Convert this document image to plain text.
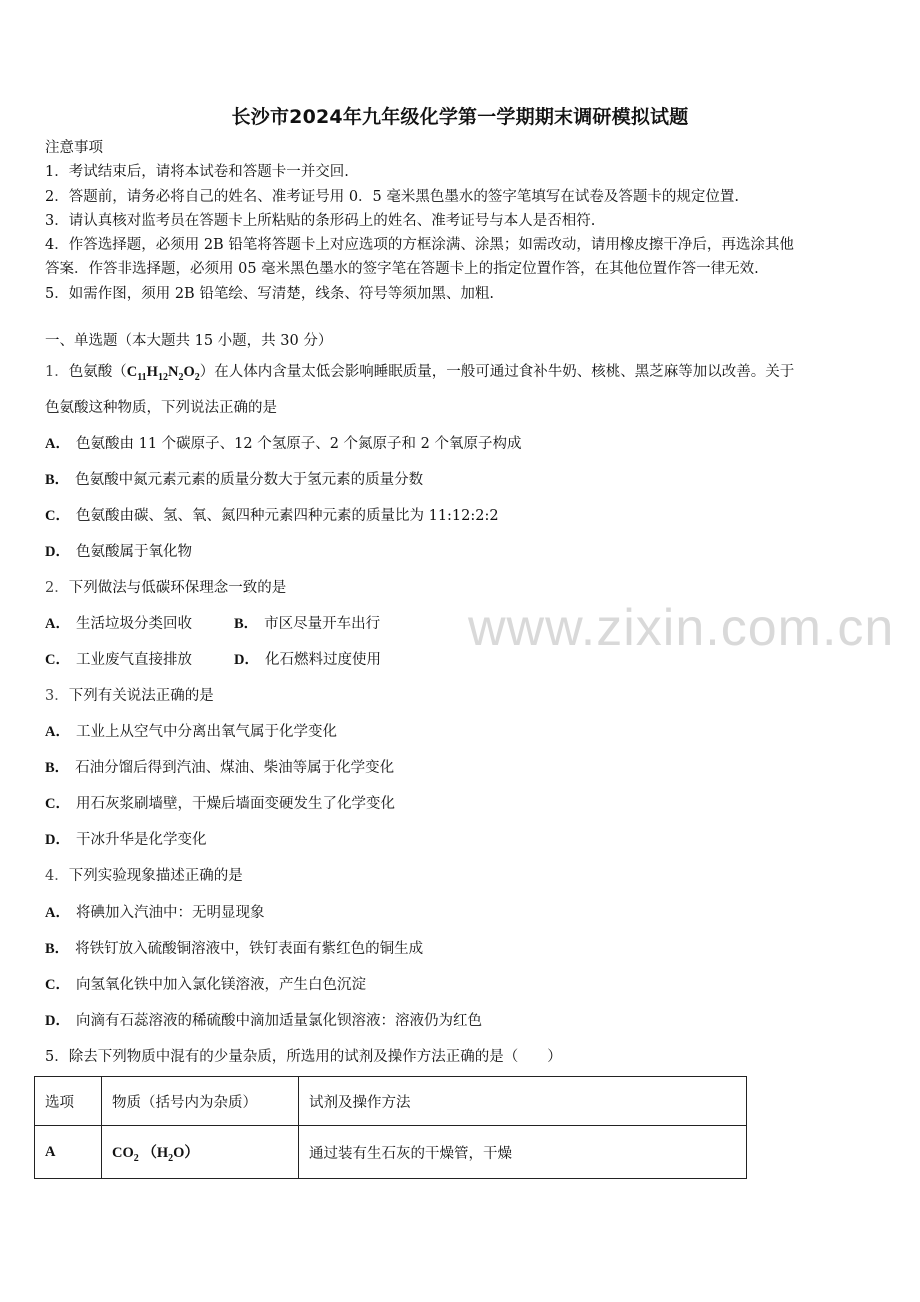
长沙市2024年九年级化学第一学期期末调研模拟试题
注意事项
1．考试结束后，请将本试卷和答题卡一并交回.
2．答题前，请务必将自己的姓名、准考证号用 0．5 毫米黑色墨水的签字笔填写在试卷及答题卡的规定位置.
3．请认真核对监考员在答题卡上所粘贴的条形码上的姓名、准考证号与本人是否相符.
4．作答选择题，必须用 2B 铅笔将答题卡上对应选项的方框涂满、涂黑；如需改动，请用橡皮擦干净后，再选涂其他
答案．作答非选择题，必须用 05 毫米黑色墨水的签字笔在答题卡上的指定位置作答，在其他位置作答一律无效.
5．如需作图，须用 2B 铅笔绘、写清楚，线条、符号等须加黑、加粗.
一、单选题（本大题共 15 小题，共 30 分）
1．色氨酸$(C_{11}H_{12}N_2O_2)$在人体内含量太低会影响睡眠质量，一般可通过食补牛奶、核桃、黑芝麻等加以改善。关于
色氨酸这种物质，下列说法正确的是
A． 色氨酸由 11 个碳原子、12 个氢原子、2 个氮原子和 2 个氧原子构成
B． 色氨酸中氮元素元素的质量分数大于氢元素的质量分数
C． 色氨酸由碳、氢、氧、氮四种元素四种元素的质量比为 11:12:2:2
D． 色氨酸属于氧化物
2．下列做法与低碳环保理念一致的是
A． 生活垃圾分类回收	B． 市区尽量开车出行
C． 工业废气直接排放	D． 化石燃料过度使用
3．下列有关说法正确的是
A． 工业上从空气中分离出氧气属于化学变化
B． 石油分馏后得到汽油、煤油、柴油等属于化学变化
C． 用石灰浆刷墙壁，干燥后墙面变硬发生了化学变化
D． 干冰升华是化学变化
4．下列实验现象描述正确的是
A． 将碘加入汽油中：无明显现象
B． 将铁钉放入硫酸铜溶液中，铁钉表面有紫红色的铜生成
C． 向氢氧化铁中加入氯化镁溶液，产生白色沉淀
D． 向滴有石蕊溶液的稀硫酸中滴加适量氯化钡溶液：溶液仍为红色
5．除去下列物质中混有的少量杂质，所选用的试剂及操作方法正确的是（　　）
选项	物质（括号内为杂质）	试剂及操作方法
A	$CO_2$ $(H_2O)$	通过装有生石灰的干燥管，干燥
www.zixin.com.cn
